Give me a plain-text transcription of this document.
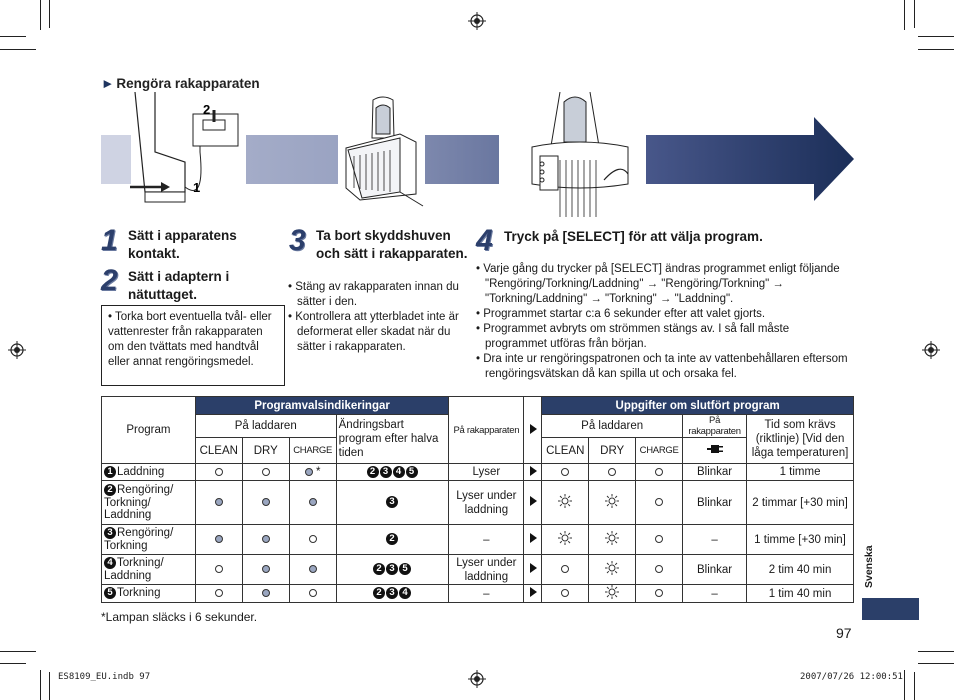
► Rengöra rakapparaten
2
1
1 Sätt i apparatens kontakt.
2 Sätt i adaptern i nätuttaget.
• Torka bort eventuella tvål- eller vattenrester från rakapparaten om den tvättats med handtvål eller annat rengöringsmedel.
3 Ta bort skyddshuven och sätt i rakapparaten.
• Stäng av rakapparaten innan du sätter i den.
• Kontrollera att ytterbladet inte är deformerat eller skadat när du sätter i rakapparaten.
4 Tryck på [SELECT] för att välja program.
• Varje gång du trycker på [SELECT] ändras programmet enligt följande "Rengöring/Torkning/Laddning" → "Rengöring/Torkning" → "Torkning/Laddning" → "Torkning" → "Laddning".
• Programmet startar c:a 6 sekunder efter att valet gjorts.
• Programmet avbryts om strömmen stängs av. I så fall måste programmet utföras från början.
• Dra inte ur rengöringspatronen och ta inte av vattenbehållaren eftersom rengöringsvätskan då kan spilla ut och orsaka fel.
Program	Programvalsindikeringar				På rakapparaten		Uppgifter om slutfört program				
	På laddaren			Ändringsbart program efter halva tiden			På laddaren			På rakapparaten	Tid som krävs (riktlinje) [Vid den låga temperaturen]
	CLEAN	DRY	CHARGE				CLEAN	DRY	CHARGE	
1 Laddning			*	2 3 4 5	Lyser					Blinkar	1 timme
2 Rengöring/ Torkning/ Laddning				3	Lyser under laddning					Blinkar	2 timmar [+30 min]
3 Rengöring/ Torkning				2	–					–	1 timme [+30 min]
4 Torkning/ Laddning				2 3 5	Lyser under laddning					Blinkar	2 tim 40 min
5 Torkning				2 3 4	–					–	1 tim 40 min
*Lampan släcks i 6 sekunder.
97
Svenska
ES8109_EU.indb 97	2007/07/26 12:00:51
